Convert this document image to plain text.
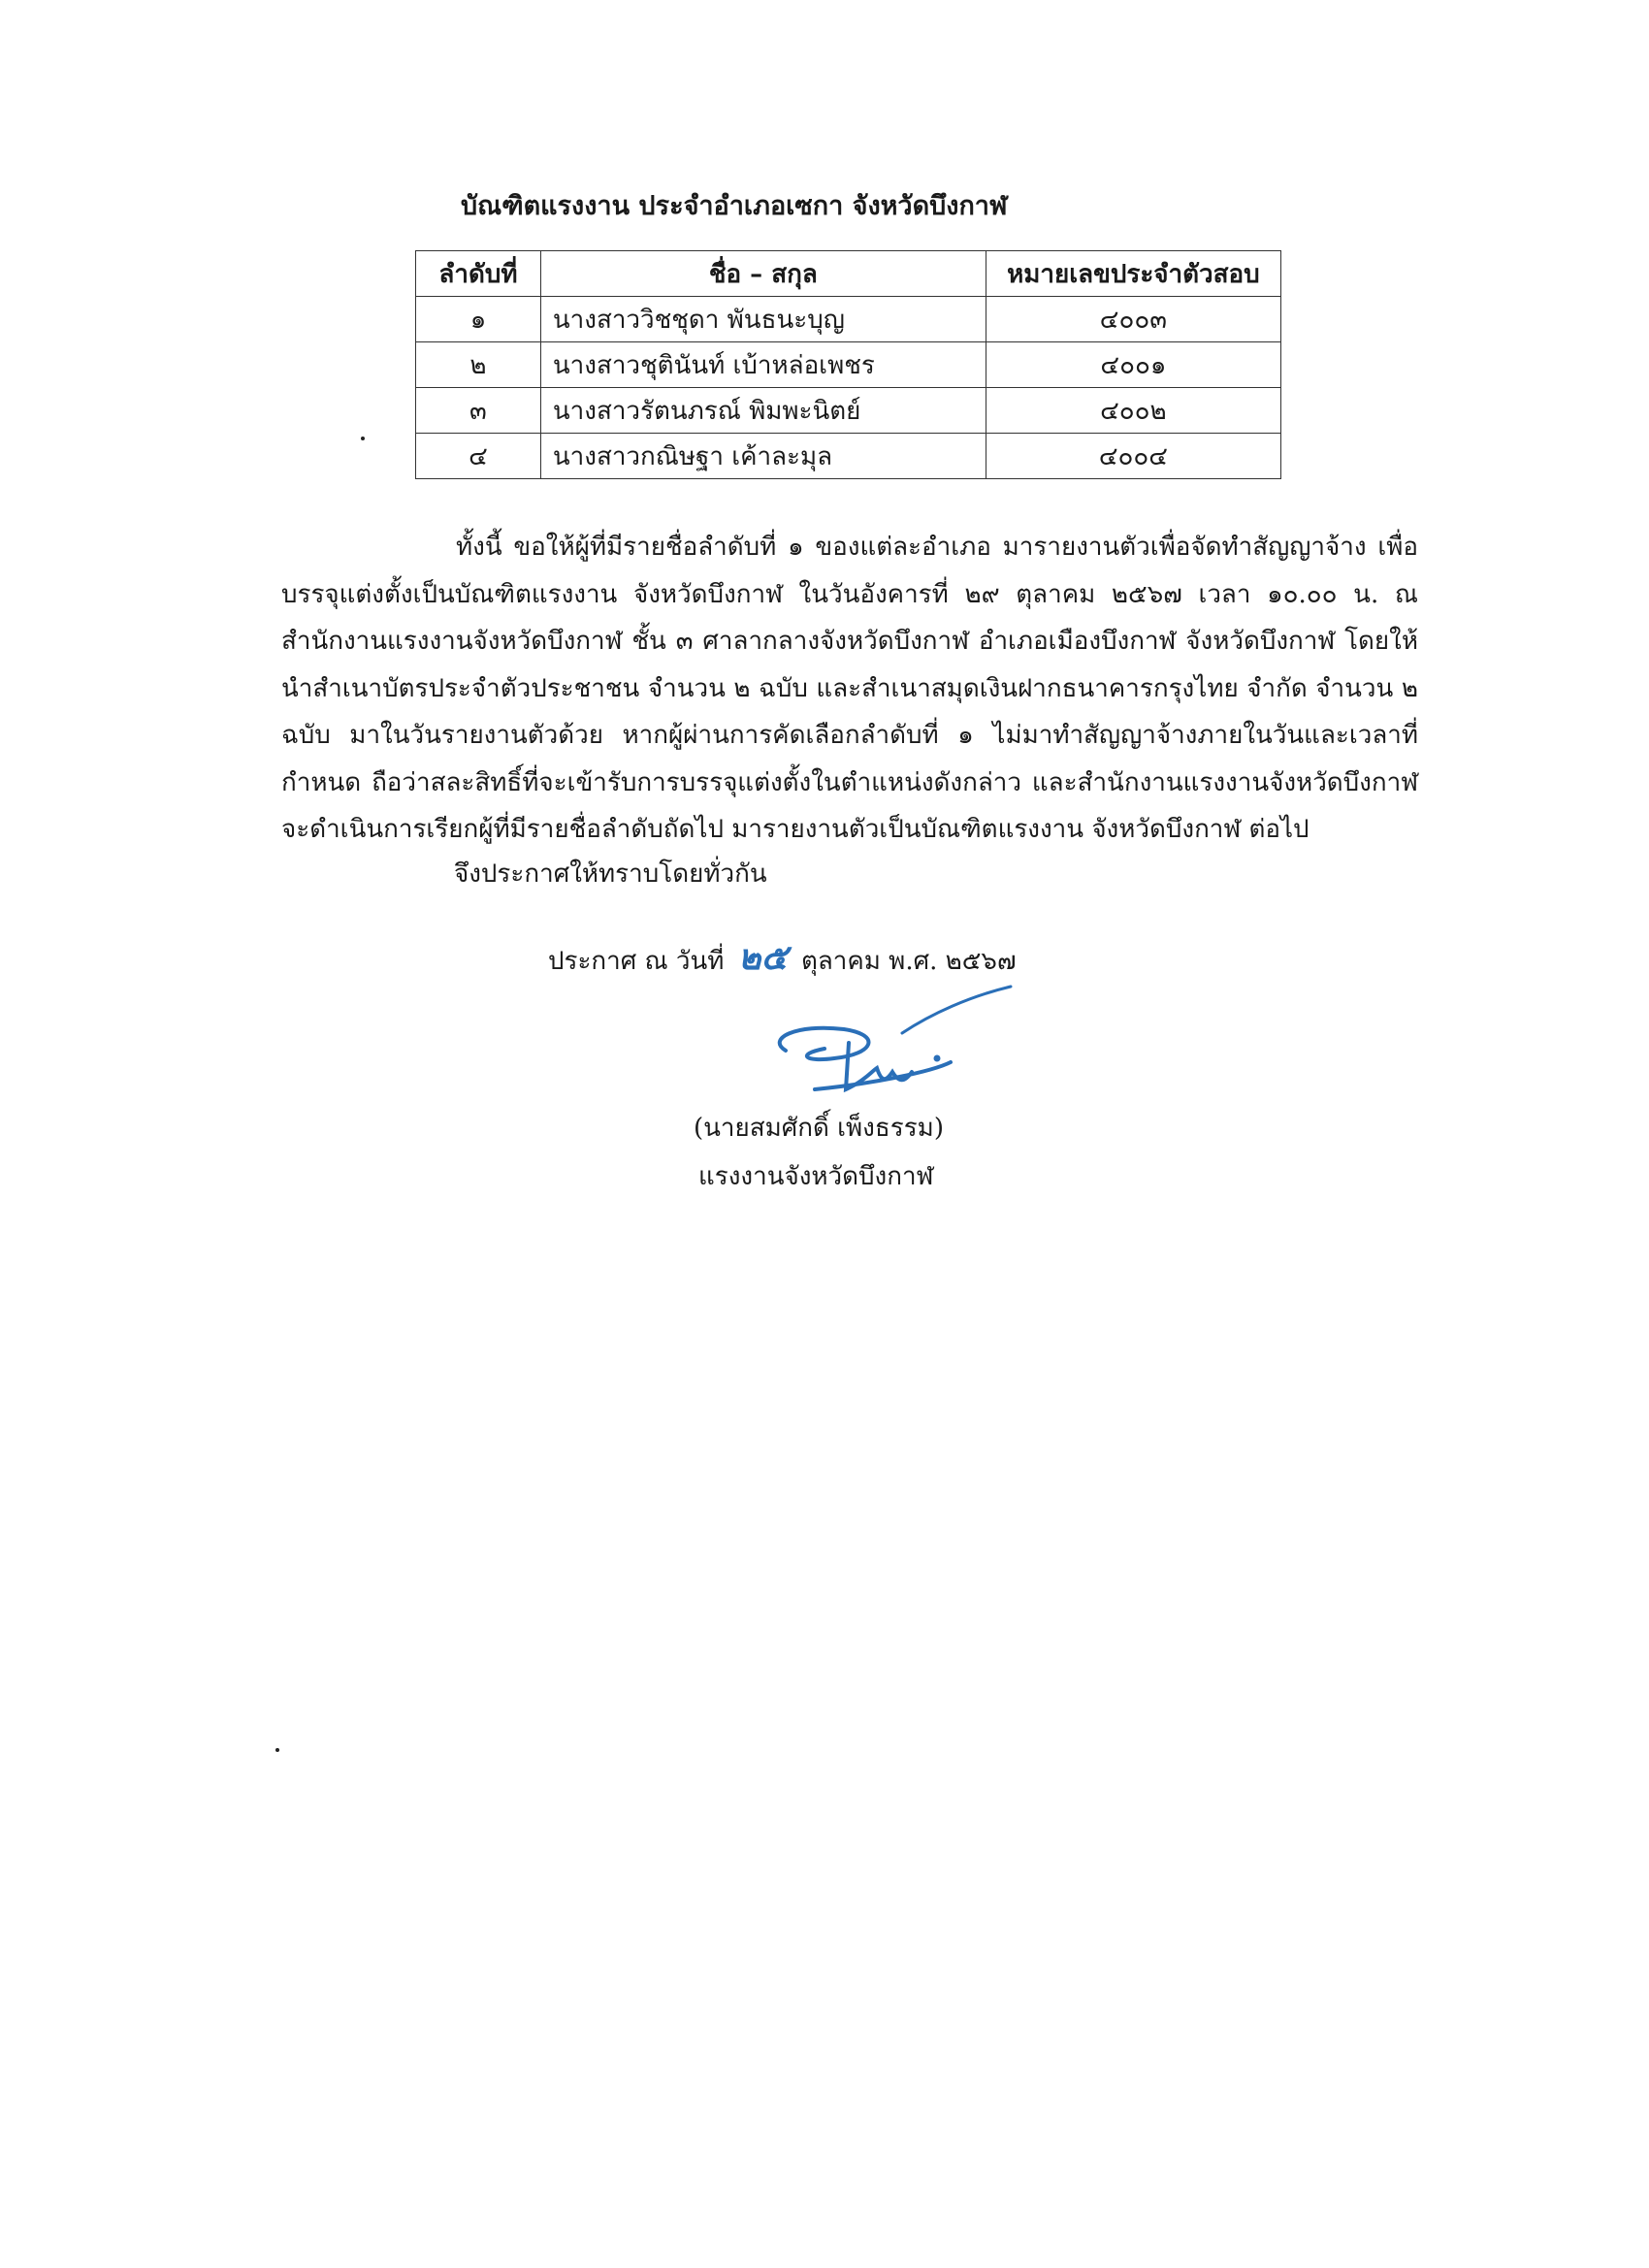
บัณฑิตแรงงาน ประจำอำเภอเซกา จังหวัดบึงกาฬ
ลำดับที่	ชื่อ – สกุล	หมายเลขประจำตัวสอบ
๑	นางสาววิชชุดา พันธนะบุญ	๔๐๐๓
๒	นางสาวชุตินันท์ เบ้าหล่อเพชร	๔๐๐๑
๓	นางสาวรัตนภรณ์ พิมพะนิตย์	๔๐๐๒
๔	นางสาวกณิษฐา เค้าละมุล	๔๐๐๔

ทั้งนี้ ขอให้ผู้ที่มีรายชื่อลำดับที่ ๑ ของแต่ละอำเภอ มารายงานตัวเพื่อจัดทำสัญญาจ้าง เพื่อบรรจุแต่งตั้งเป็นบัณฑิตแรงงาน จังหวัดบึงกาฬ ในวันอังคารที่ ๒๙ ตุลาคม ๒๕๖๗ เวลา ๑๐.๐๐ น. ณ สำนักงานแรงงานจังหวัดบึงกาฬ ชั้น ๓ ศาลากลางจังหวัดบึงกาฬ อำเภอเมืองบึงกาฬ จังหวัดบึงกาฬ โดยให้นำสำเนาบัตรประจำตัวประชาชน จำนวน ๒ ฉบับ และสำเนาสมุดเงินฝากธนาคารกรุงไทย จำกัด จำนวน ๒ ฉบับ มาในวันรายงานตัวด้วย หากผู้ผ่านการคัดเลือกลำดับที่ ๑ ไม่มาทำสัญญาจ้างภายในวันและเวลาที่กำหนด ถือว่าสละสิทธิ์ที่จะเข้ารับการบรรจุแต่งตั้งในตำแหน่งดังกล่าว และสำนักงานแรงงานจังหวัดบึงกาฬ จะดำเนินการเรียกผู้ที่มีรายชื่อลำดับถัดไป มารายงานตัวเป็นบัณฑิตแรงงาน จังหวัดบึงกาฬ ต่อไป

จึงประกาศให้ทราบโดยทั่วกัน
ประกาศ ณ วันที่ ๒๕ ตุลาคม พ.ศ. ๒๕๖๗
(นายสมศักดิ์ เพ็งธรรม)
แรงงานจังหวัดบึงกาฬ
